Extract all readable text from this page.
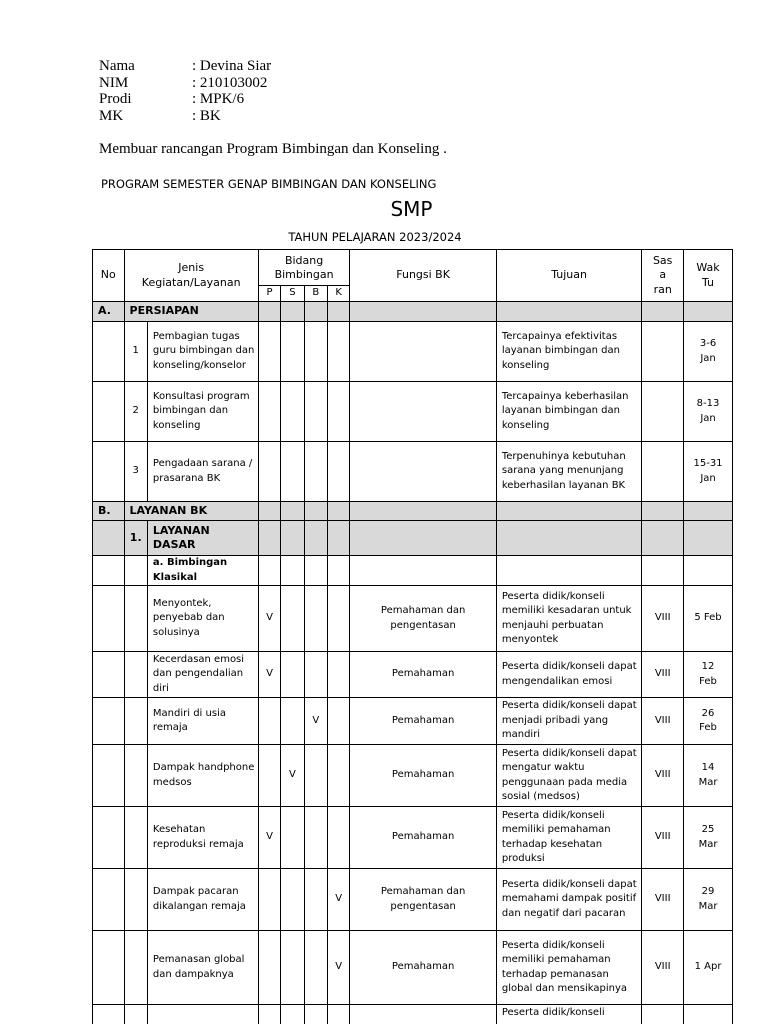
Nama	: Devina Siar
NIM	: 210103002
Prodi	: MPK/6
MK	: BK
Membuar rancangan Program Bimbingan dan Konseling .
PROGRAM SEMESTER GENAP BIMBINGAN DAN KONSELING
SMP
TAHUN PELAJARAN 2023/2024
No	Jenis Kegiatan/Layanan		Bidang Bimbingan				Fungsi BK	Tujuan	Sas a ran	Wak Tu
			P	S	B	K				
A.	PERSIAPAN									
	1	Pembagian tugas guru bimbingan dan konseling/konselor						Tercapainya efektivitas layanan bimbingan dan konseling		3-6 Jan
	2	Konsultasi program bimbingan dan konseling						Tercapainya keberhasilan layanan bimbingan dan konseling		8-13 Jan
	3	Pengadaan sarana / prasarana BK						Terpenuhinya kebutuhan sarana yang menunjang keberhasilan layanan BK		15-31 Jan
B.	LAYANAN BK									
	1.	LAYANAN DASAR								
		a. Bimbingan Klasikal								
		Menyontek, penyebab dan solusinya	V				Pemahaman dan pengentasan	Peserta didik/konseli memiliki kesadaran untuk menjauhi perbuatan menyontek	VIII	5 Feb
		Kecerdasan emosi dan pengendalian diri	V				Pemahaman	Peserta didik/konseli dapat mengendalikan emosi	VIII	12 Feb
		Mandiri di usia remaja			V		Pemahaman	Peserta didik/konseli dapat menjadi pribadi yang mandiri	VIII	26 Feb
		Dampak handphone medsos		V			Pemahaman	Peserta didik/konseli dapat mengatur waktu penggunaan pada media sosial (medsos)	VIII	14 Mar
		Kesehatan reproduksi remaja	V				Pemahaman	Peserta didik/konseli memiliki pemahaman terhadap kesehatan produksi	VIII	25 Mar
		Dampak pacaran dikalangan remaja				V	Pemahaman dan pengentasan	Peserta didik/konseli dapat memahami dampak positif dan negatif dari pacaran	VIII	29 Mar
		Pemanasan global dan dampaknya				V	Pemahaman	Peserta didik/konseli memiliki pemahaman terhadap pemanasan global dan mensikapinya	VIII	1 Apr
								Peserta didik/konseli		
